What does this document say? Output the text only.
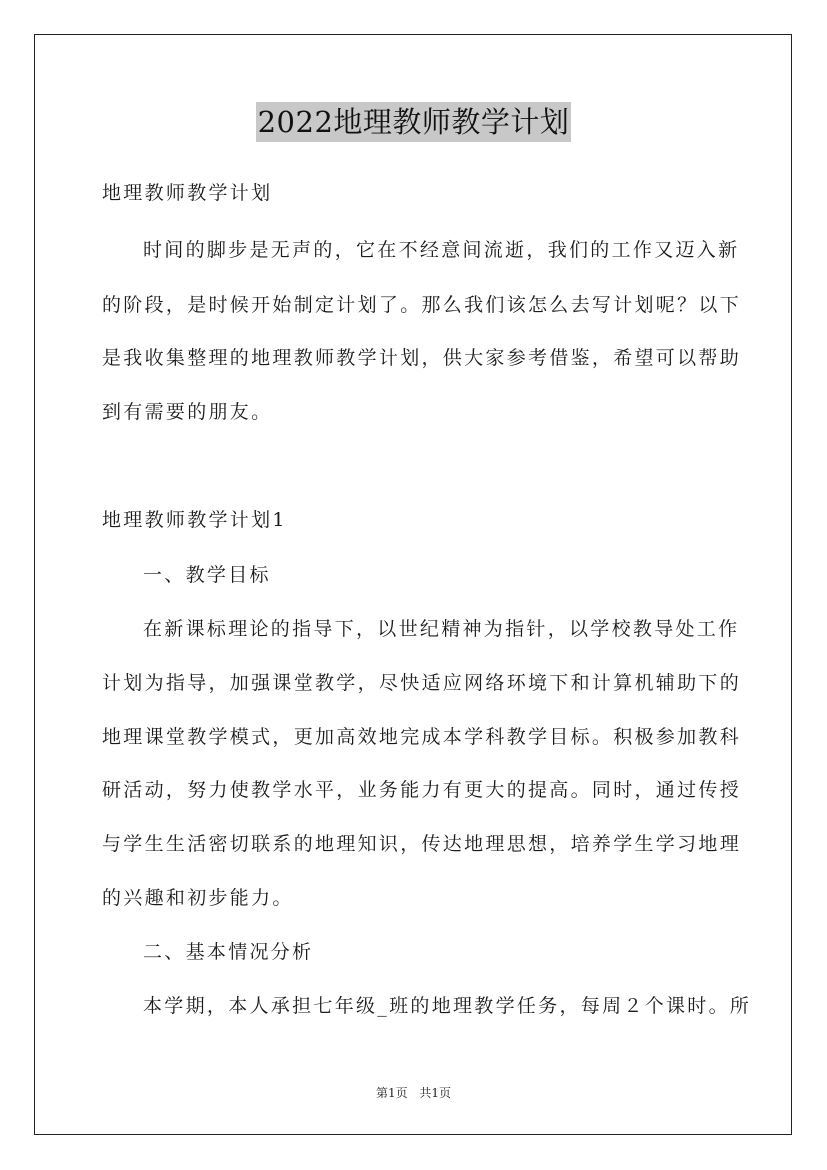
2022地理教师教学计划
地理教师教学计划
时间的脚步是无声的，它在不经意间流逝，我们的工作又迈入新
的阶段，是时候开始制定计划了。那么我们该怎么去写计划呢？以下
是我收集整理的地理教师教学计划，供大家参考借鉴，希望可以帮助
到有需要的朋友。
地理教师教学计划1
一、教学目标
在新课标理论的指导下，以世纪精神为指针，以学校教导处工作
计划为指导，加强课堂教学，尽快适应网络环境下和计算机辅助下的
地理课堂教学模式，更加高效地完成本学科教学目标。积极参加教科
研活动，努力使教学水平，业务能力有更大的提高。同时，通过传授
与学生生活密切联系的地理知识，传达地理思想，培养学生学习地理
的兴趣和初步能力。
二、基本情况分析
本学期，本人承担七年级_班的地理教学任务，每周２个课时。所
第1页 共1页
